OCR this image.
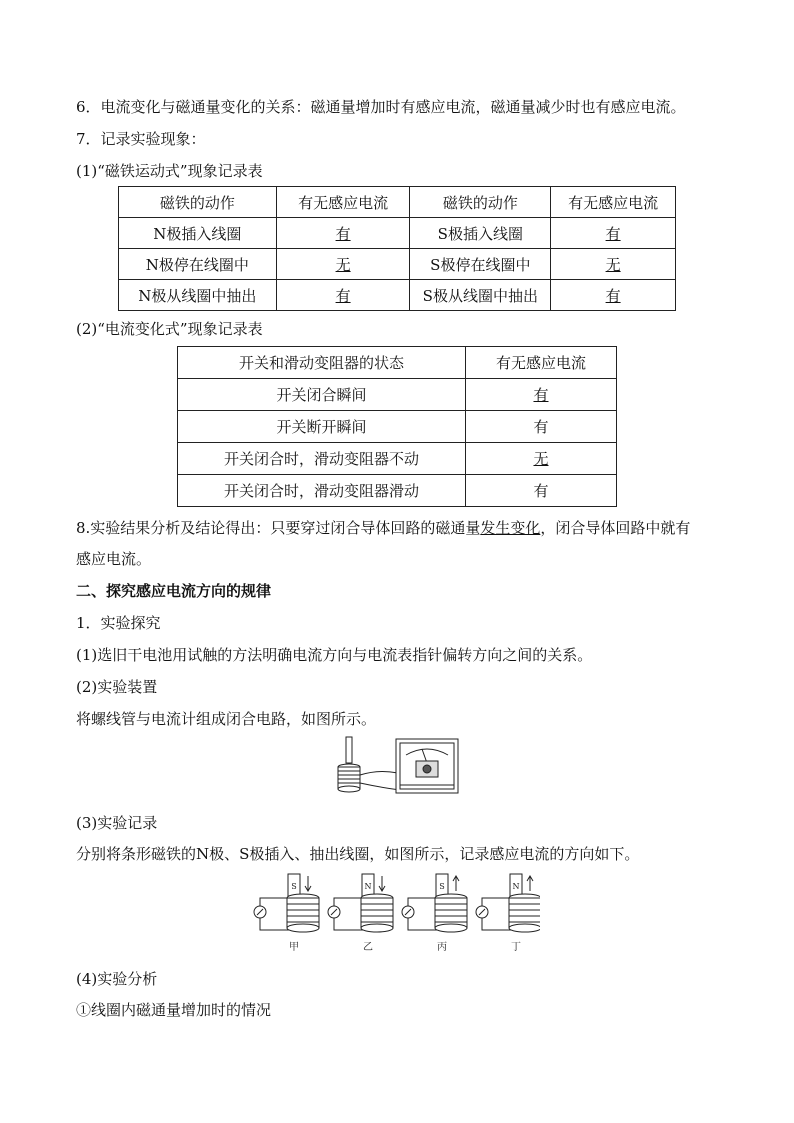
6．电流变化与磁通量变化的关系：磁通量增加时有感应电流，磁通量减少时也有感应电流。
7．记录实验现象：
(1)“磁铁运动式”现象记录表
磁铁的动作	有无感应电流	磁铁的动作	有无感应电流
N极插入线圈	有	S极插入线圈	有
N极停在线圈中	无	S极停在线圈中	无
N极从线圈中抽出	有	S极从线圈中抽出	有
(2)“电流变化式”现象记录表
开关和滑动变阻器的状态	有无感应电流
开关闭合瞬间	有
开关断开瞬间	有
开关闭合时，滑动变阻器不动	无
开关闭合时，滑动变阻器滑动	有
8.实验结果分析及结论得出：只要穿过闭合导体回路的磁通量发生变化，闭合导体回路中就有
感应电流。
二、探究感应电流方向的规律
1．实验探究
(1)选旧干电池用试触的方法明确电流方向与电流表指针偏转方向之间的关系。
(2)实验装置
将螺线管与电流计组成闭合电路，如图所示。
(3)实验记录
分别将条形磁铁的N极、S极插入、抽出线圈，如图所示，记录感应电流的方向如下。
S
甲
N
乙
S
丙
N
丁
(4)实验分析
①线圈内磁通量增加时的情况
